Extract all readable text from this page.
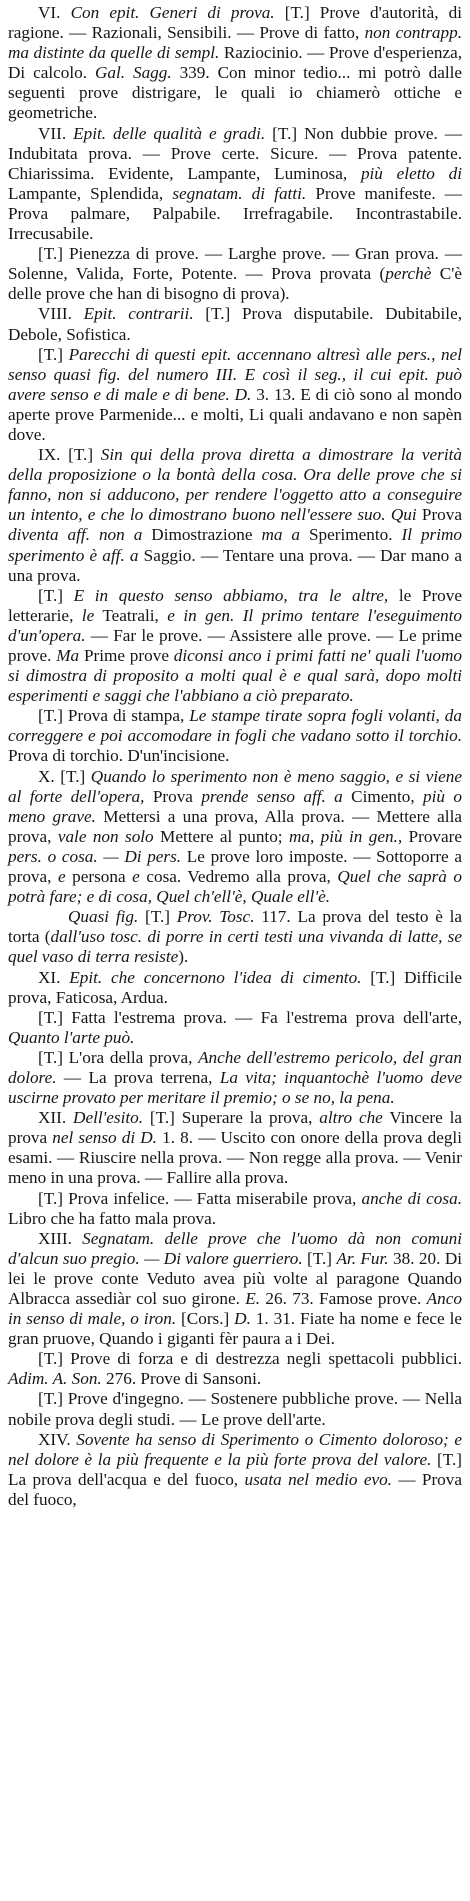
VI. Con epit. Generi di prova. [T.] Prove d'autorità, di ragione. — Razionali, Sensibili. — Prove di fatto, non contrapp. ma distinte da quelle di sempl. Raziocinio. — Prove d'esperienza, Di calcolo. Gal. Sagg. 339. Con minor tedio... mi potrò dalle seguenti prove distrigare, le quali io chiamerò ottiche e geometriche.

VII. Epit. delle qualità e gradi. [T.] Non dubbie prove. — Indubitata prova. — Prove certe. Sicure. — Prova patente. Chiarissima. Evidente, Lampante, Luminosa, più eletto di Lampante, Splendida, segnatam. di fatti. Prove manifeste. — Prova palmare, Palpabile. Irrefragabile. Incontrastabile. Irrecusabile.

[T.] Pienezza di prove. — Larghe prove. — Gran prova. — Solenne, Valida, Forte, Potente. — Prova provata (perchè C'è delle prove che han di bisogno di prova).

VIII. Epit. contrarii. [T.] Prova disputabile. Dubitabile, Debole, Sofistica.

[T.] Parecchi di questi epit. accennano altresì alle pers., nel senso quasi fig. del numero III. E così il seg., il cui epit. può avere senso e di male e di bene. D. 3. 13. E di ciò sono al mondo aperte prove Parmenide... e molti, Li quali andavano e non sapèn dove.

IX. [T.] Sin qui della prova diretta a dimostrare la verità della proposizione o la bontà della cosa. Ora delle prove che si fanno, non si adducono, per rendere l'oggetto atto a conseguire un intento, e che lo dimostrano buono nell'essere suo. Qui Prova diventa aff. non a Dimostrazione ma a Sperimento. Il primo sperimento è aff. a Saggio. — Tentare una prova. — Dar mano a una prova.

[T.] E in questo senso abbiamo, tra le altre, le Prove letterarie, le Teatrali, e in gen. Il primo tentare l'eseguimento d'un'opera. — Far le prove. — Assistere alle prove. — Le prime prove. Ma Prime prove diconsi anco i primi fatti ne' quali l'uomo si dimostra di proposito a molti qual è e qual sarà, dopo molti esperimenti e saggi che l'abbiano a ciò preparato.

[T.] Prova di stampa, Le stampe tirate sopra fogli volanti, da correggere e poi accomodare in fogli che vadano sotto il torchio. Prova di torchio. D'un'incisione.

X. [T.] Quando lo sperimento non è meno saggio, e si viene al forte dell'opera, Prova prende senso aff. a Cimento, più o meno grave. Mettersi a una prova, Alla prova. — Mettere alla prova, vale non solo Mettere al punto; ma, più in gen., Provare pers. o cosa. — Di pers. Le prove loro imposte. — Sottoporre a prova, e persona e cosa. Vedremo alla prova, Quel che saprà o potrà fare; e di cosa, Quel ch'ell'è, Quale ell'è.

Quasi fig. [T.] Prov. Tosc. 117. La prova del testo è la torta (dall'uso tosc. di porre in certi testi una vivanda di latte, se quel vaso di terra resiste).

XI. Epit. che concernono l'idea di cimento. [T.] Difficile prova, Faticosa, Ardua.

[T.] Fatta l'estrema prova. — Fa l'estrema prova dell'arte, Quanto l'arte può.

[T.] L'ora della prova, Anche dell'estremo pericolo, del gran dolore. — La prova terrena, La vita; inquantochè l'uomo deve uscirne provato per meritare il premio; o se no, la pena.

XII. Dell'esito. [T.] Superare la prova, altro che Vincere la prova nel senso di D. 1. 8. — Uscito con onore della prova degli esami. — Riuscire nella prova. — Non regge alla prova. — Venir meno in una prova. — Fallire alla prova.

[T.] Prova infelice. — Fatta miserabile prova, anche di cosa. Libro che ha fatto mala prova.

XIII. Segnatam. delle prove che l'uomo dà non comuni d'alcun suo pregio. — Di valore guerriero. [T.] Ar. Fur. 38. 20. Di lei le prove conte Veduto avea più volte al paragone Quando Albracca assediàr col suo girone. E. 26. 73. Famose prove. Anco in senso di male, o iron. [Cors.] D. 1. 31. Fiate ha nome e fece le gran pruove, Quando i giganti fèr paura a i Dei.

[T.] Prove di forza e di destrezza negli spettacoli pubblici. Adim. A. Son. 276. Prove di Sansoni.

[T.] Prove d'ingegno. — Sostenere pubbliche prove. — Nella nobile prova degli studi. — Le prove dell'arte.

XIV. Sovente ha senso di Sperimento o Cimento doloroso; e nel dolore è la più frequente e la più forte prova del valore. [T.] La prova dell'acqua e del fuoco, usata nel medio evo. — Prova del fuoco,
